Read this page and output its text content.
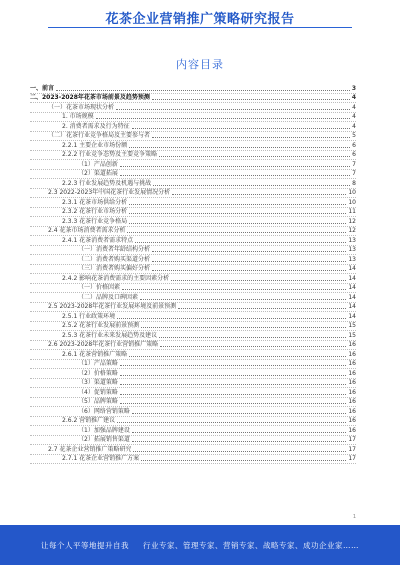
花茶企业营销推广策略研究报告
内容目录
一、前言	3
二、2023-2028年花茶市场前景及趋势预测	4
（一）花茶市场现状分析	4
1. 市场规模	4
2. 消费者需求及行为特征	4
（二）花茶行业竞争格局及主要参与者	5
2.2.1 主要企业市场份额	6
2.2.2 行业竞争态势及主要竞争策略	6
（1）产品创新	7
（2）渠道拓展	7
2.2.3 行业发展趋势及机遇与挑战	8
2.3 2022-2023年中国花茶行业发展情况分析	10
2.3.1 花茶市场供给分析	10
2.3.2 花茶行业市场分析	11
2.3.3 花茶行业竞争格局	12
2.4 花茶市场消费者需求分析	12
2.4.1 花茶消费者需求特点	13
（一）消费者年龄结构分析	13
（二）消费者购买渠道分析	13
（三）消费者购买偏好分析	14
2.4.2 影响花茶消费需求的主要因素分析	14
（一）价格因素	14
（二）品牌及口碑因素	14
2.5 2023-2028年花茶行业发展环境及前景预测	14
2.5.1 行业政策环境	14
2.5.2 花茶行业发展前景预测	15
2.5.3 花茶行业未来发展趋势及建议	15
2.6 2023-2028年花茶行业营销推广策略	16
2.6.1 花茶营销推广策略	16
（1）产品策略	16
（2）价格策略	16
（3）渠道策略	16
（4）促销策略	16
（5）品牌策略	16
（6）网络营销策略	16
2.6.2 营销推广建议	16
（1）加强品牌建设	16
（2）拓展销售渠道	17
2.7 花茶企业营销推广策略研究	17
2.7.1 花茶企业营销推广方案	17
1
让每个人平等地提升自我 行业专家、管理专家、营销专家、战略专家、成功企业家……
